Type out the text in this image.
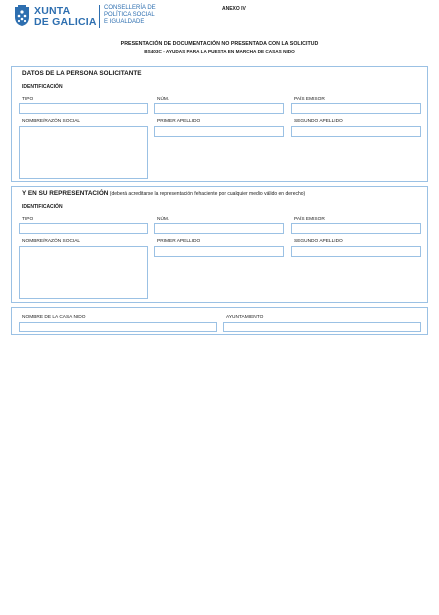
XUNTA
DE GALICIA
CONSELLERÍA DE
POLÍTICA SOCIAL
E IGUALDADE
ANEXO IV
PRESENTACIÓN DE DOCUMENTACIÓN NO PRESENTADA CON LA SOLICITUD
BS403C - AYUDAS PARA LA PUESTA EN MARCHA DE CASAS NIDO
DATOS DE LA PERSONA SOLICITANTE
IDENTIFICACIÓN
TIPO	NÚM.	PAÍS EMISOR
NOMBRE/RAZÓN SOCIAL	PRIMER APELLIDO	SEGUNDO APELLIDO
Y EN SU REPRESENTACIÓN (deberá acreditarse la representación fehaciente por cualquier medio válido en derecho)
IDENTIFICACIÓN
TIPO	NÚM.	PAÍS EMISOR
NOMBRE/RAZÓN SOCIAL	PRIMER APELLIDO	SEGUNDO APELLIDO
NOMBRE DE LA CASA NIDO	AYUNTAMIENTO
